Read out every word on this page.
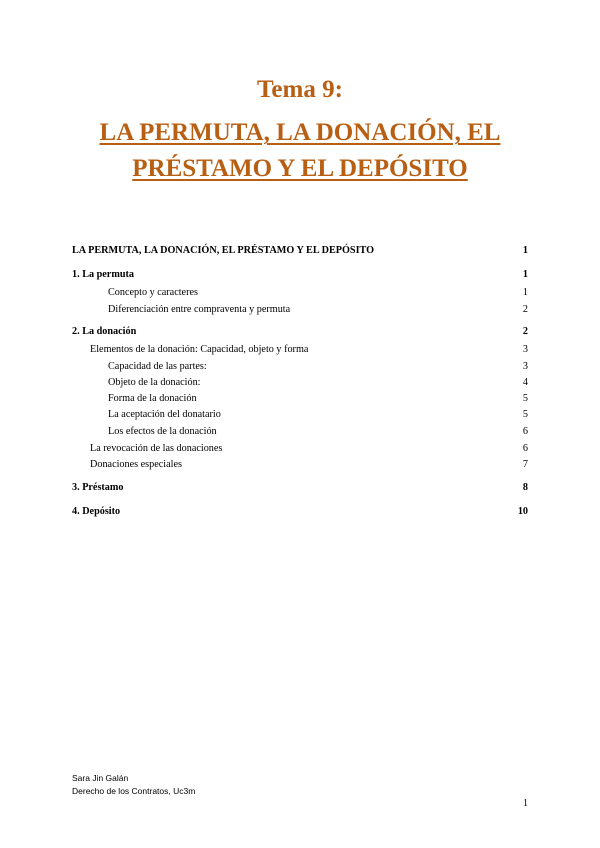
Tema 9:
LA PERMUTA, LA DONACIÓN, EL
PRÉSTAMO Y EL DEPÓSITO
LA PERMUTA, LA DONACIÓN, EL PRÉSTAMO Y EL DEPÓSITO	1
1. La permuta	1
Concepto y caracteres	1
Diferenciación entre compraventa y permuta	2
2. La donación	2
Elementos de la donación: Capacidad, objeto y forma	3
Capacidad de las partes:	3
Objeto de la donación:	4
Forma de la donación	5
La aceptación del donatario	5
Los efectos de la donación	6
La revocación de las donaciones	6
Donaciones especiales	7
3. Préstamo	8
4. Depósito	10
Sara Jin Galán
Derecho de los Contratos, Uc3m
1
